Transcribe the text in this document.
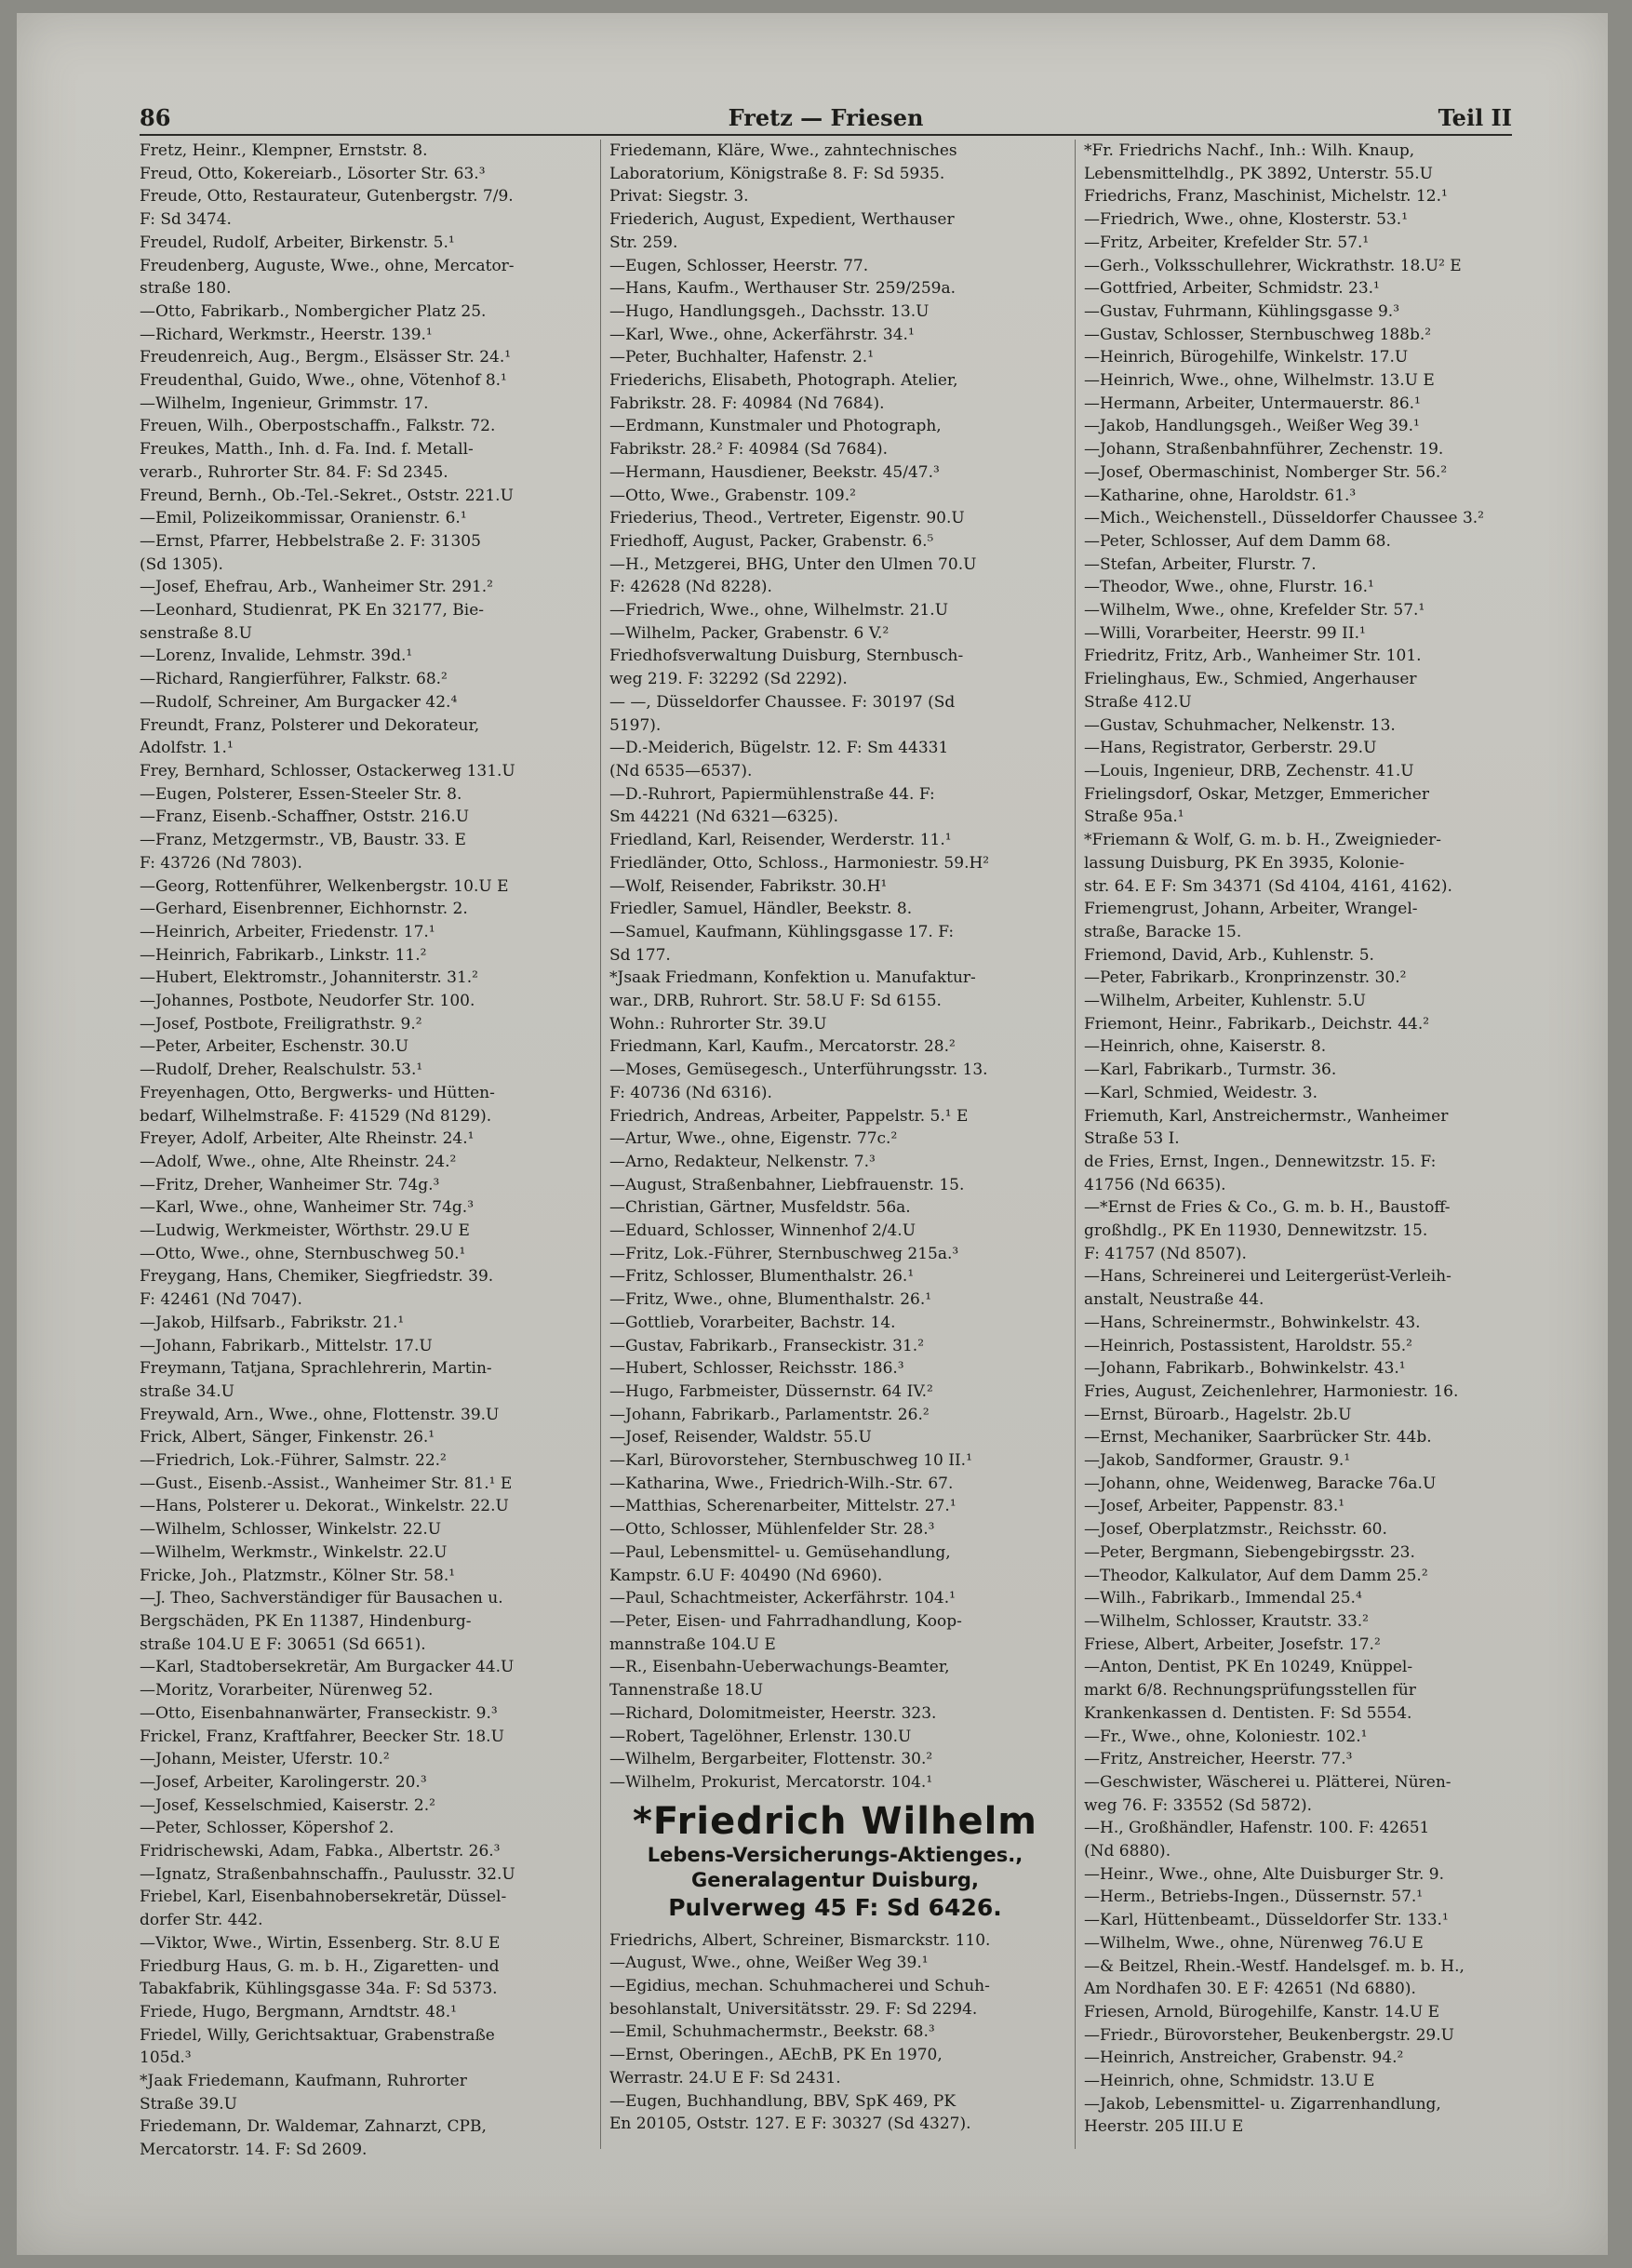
86	Fretz — Friesen	Teil II
Fretz, Heinr., Klempner, Ernststr. 8.
Freud, Otto, Kokereiarb., Lösorter Str. 63.³
Freude, Otto, Restaurateur, Gutenbergstr. 7/9.
F: Sd 3474.
Freudel, Rudolf, Arbeiter, Birkenstr. 5.¹
Freudenberg, Auguste, Wwe., ohne, Mercator-
straße 180.
—Otto, Fabrikarb., Nombergicher Platz 25.
—Richard, Werkmstr., Heerstr. 139.¹
Freudenreich, Aug., Bergm., Elsässer Str. 24.¹
Freudenthal, Guido, Wwe., ohne, Vötenhof 8.¹
—Wilhelm, Ingenieur, Grimmstr. 17.
Freuen, Wilh., Oberpostschaffn., Falkstr. 72.
Freukes, Matth., Inh. d. Fa. Ind. f. Metall-
verarb., Ruhrorter Str. 84. F: Sd 2345.
Freund, Bernh., Ob.-Tel.-Sekret., Oststr. 221.U
—Emil, Polizeikommissar, Oranienstr. 6.¹
—Ernst, Pfarrer, Hebbelstraße 2. F: 31305
(Sd 1305).
—Josef, Ehefrau, Arb., Wanheimer Str. 291.²
—Leonhard, Studienrat, PK En 32177, Bie-
senstraße 8.U
—Lorenz, Invalide, Lehmstr. 39d.¹
—Richard, Rangierführer, Falkstr. 68.²
—Rudolf, Schreiner, Am Burgacker 42.⁴
Freundt, Franz, Polsterer und Dekorateur,
Adolfstr. 1.¹
Frey, Bernhard, Schlosser, Ostackerweg 131.U
—Eugen, Polsterer, Essen-Steeler Str. 8.
—Franz, Eisenb.-Schaffner, Oststr. 216.U
—Franz, Metzgermstr., VB, Baustr. 33. E
F: 43726 (Nd 7803).
—Georg, Rottenführer, Welkenbergstr. 10.U E
—Gerhard, Eisenbrenner, Eichhornstr. 2.
—Heinrich, Arbeiter, Friedenstr. 17.¹
—Heinrich, Fabrikarb., Linkstr. 11.²
—Hubert, Elektromstr., Johanniterstr. 31.²
—Johannes, Postbote, Neudorfer Str. 100.
—Josef, Postbote, Freiligrathstr. 9.²
—Peter, Arbeiter, Eschenstr. 30.U
—Rudolf, Dreher, Realschulstr. 53.¹
Freyenhagen, Otto, Bergwerks- und Hütten-
bedarf, Wilhelmstraße. F: 41529 (Nd 8129).
Freyer, Adolf, Arbeiter, Alte Rheinstr. 24.¹
—Adolf, Wwe., ohne, Alte Rheinstr. 24.²
—Fritz, Dreher, Wanheimer Str. 74g.³
—Karl, Wwe., ohne, Wanheimer Str. 74g.³
—Ludwig, Werkmeister, Wörthstr. 29.U E
—Otto, Wwe., ohne, Sternbuschweg 50.¹
Freygang, Hans, Chemiker, Siegfriedstr. 39.
F: 42461 (Nd 7047).
—Jakob, Hilfsarb., Fabrikstr. 21.¹
—Johann, Fabrikarb., Mittelstr. 17.U
Freymann, Tatjana, Sprachlehrerin, Martin-
straße 34.U
Freywald, Arn., Wwe., ohne, Flottenstr. 39.U
Frick, Albert, Sänger, Finkenstr. 26.¹
—Friedrich, Lok.-Führer, Salmstr. 22.²
—Gust., Eisenb.-Assist., Wanheimer Str. 81.¹ E
—Hans, Polsterer u. Dekorat., Winkelstr. 22.U
—Wilhelm, Schlosser, Winkelstr. 22.U
—Wilhelm, Werkmstr., Winkelstr. 22.U
Fricke, Joh., Platzmstr., Kölner Str. 58.¹
—J. Theo, Sachverständiger für Bausachen u.
Bergschäden, PK En 11387, Hindenburg-
straße 104.U E F: 30651 (Sd 6651).
—Karl, Stadtobersekretär, Am Burgacker 44.U
—Moritz, Vorarbeiter, Nürenweg 52.
—Otto, Eisenbahnanwärter, Franseckistr. 9.³
Frickel, Franz, Kraftfahrer, Beecker Str. 18.U
—Johann, Meister, Uferstr. 10.²
—Josef, Arbeiter, Karolingerstr. 20.³
—Josef, Kesselschmied, Kaiserstr. 2.²
—Peter, Schlosser, Köpershof 2.
Fridrischewski, Adam, Fabka., Albertstr. 26.³
—Ignatz, Straßenbahnschaffn., Paulusstr. 32.U
Friebel, Karl, Eisenbahnobersekretär, Düssel-
dorfer Str. 442.
—Viktor, Wwe., Wirtin, Essenberg. Str. 8.U E
Friedburg Haus, G. m. b. H., Zigaretten- und
Tabakfabrik, Kühlingsgasse 34a. F: Sd 5373.
Friede, Hugo, Bergmann, Arndtstr. 48.¹
Friedel, Willy, Gerichtsaktuar, Grabenstraße
105d.³
*Jaak Friedemann, Kaufmann, Ruhrorter
Straße 39.U
Friedemann, Dr. Waldemar, Zahnarzt, CPB,
Mercatorstr. 14. F: Sd 2609.
Friedemann, Kläre, Wwe., zahntechnisches
Laboratorium, Königstraße 8. F: Sd 5935.
Privat: Siegstr. 3.
Friederich, August, Expedient, Werthauser
Str. 259.
—Eugen, Schlosser, Heerstr. 77.
—Hans, Kaufm., Werthauser Str. 259/259a.
—Hugo, Handlungsgeh., Dachsstr. 13.U
—Karl, Wwe., ohne, Ackerfährstr. 34.¹
—Peter, Buchhalter, Hafenstr. 2.¹
Friederichs, Elisabeth, Photograph. Atelier,
Fabrikstr. 28. F: 40984 (Nd 7684).
—Erdmann, Kunstmaler und Photograph,
Fabrikstr. 28.² F: 40984 (Sd 7684).
—Hermann, Hausdiener, Beekstr. 45/47.³
—Otto, Wwe., Grabenstr. 109.²
Friederius, Theod., Vertreter, Eigenstr. 90.U
Friedhoff, August, Packer, Grabenstr. 6.⁵
—H., Metzgerei, BHG, Unter den Ulmen 70.U
F: 42628 (Nd 8228).
—Friedrich, Wwe., ohne, Wilhelmstr. 21.U
—Wilhelm, Packer, Grabenstr. 6 V.²
Friedhofsverwaltung Duisburg, Sternbusch-
weg 219. F: 32292 (Sd 2292).
— —, Düsseldorfer Chaussee. F: 30197 (Sd
5197).
—D.-Meiderich, Bügelstr. 12. F: Sm 44331
(Nd 6535—6537).
—D.-Ruhrort, Papiermühlenstraße 44. F:
Sm 44221 (Nd 6321—6325).
Friedland, Karl, Reisender, Werderstr. 11.¹
Friedländer, Otto, Schloss., Harmoniestr. 59.H²
—Wolf, Reisender, Fabrikstr. 30.H¹
Friedler, Samuel, Händler, Beekstr. 8.
—Samuel, Kaufmann, Kühlingsgasse 17. F:
Sd 177.
*Jsaak Friedmann, Konfektion u. Manufaktur-
war., DRB, Ruhrort. Str. 58.U F: Sd 6155.
Wohn.: Ruhrorter Str. 39.U
Friedmann, Karl, Kaufm., Mercatorstr. 28.²
—Moses, Gemüsegesch., Unterführungsstr. 13.
F: 40736 (Nd 6316).
Friedrich, Andreas, Arbeiter, Pappelstr. 5.¹ E
—Artur, Wwe., ohne, Eigenstr. 77c.²
—Arno, Redakteur, Nelkenstr. 7.³
—August, Straßenbahner, Liebfrauenstr. 15.
—Christian, Gärtner, Musfeldstr. 56a.
—Eduard, Schlosser, Winnenhof 2/4.U
—Fritz, Lok.-Führer, Sternbuschweg 215a.³
—Fritz, Schlosser, Blumenthalstr. 26.¹
—Fritz, Wwe., ohne, Blumenthalstr. 26.¹
—Gottlieb, Vorarbeiter, Bachstr. 14.
—Gustav, Fabrikarb., Franseckistr. 31.²
—Hubert, Schlosser, Reichsstr. 186.³
—Hugo, Farbmeister, Düssernstr. 64 IV.²
—Johann, Fabrikarb., Parlamentstr. 26.²
—Josef, Reisender, Waldstr. 55.U
—Karl, Bürovorsteher, Sternbuschweg 10 II.¹
—Katharina, Wwe., Friedrich-Wilh.-Str. 67.
—Matthias, Scherenarbeiter, Mittelstr. 27.¹
—Otto, Schlosser, Mühlenfelder Str. 28.³
—Paul, Lebensmittel- u. Gemüsehandlung,
Kampstr. 6.U F: 40490 (Nd 6960).
—Paul, Schachtmeister, Ackerfährstr. 104.¹
—Peter, Eisen- und Fahrradhandlung, Koop-
mannstraße 104.U E
—R., Eisenbahn-Ueberwachungs-Beamter,
Tannenstraße 18.U
—Richard, Dolomitmeister, Heerstr. 323.
—Robert, Tagelöhner, Erlenstr. 130.U
—Wilhelm, Bergarbeiter, Flottenstr. 30.²
—Wilhelm, Prokurist, Mercatorstr. 104.¹
*Friedrich Wilhelm
Lebens-Versicherungs-Aktienges.,
Generalagentur Duisburg,
Pulverweg 45 F: Sd 6426.
Friedrichs, Albert, Schreiner, Bismarckstr. 110.
—August, Wwe., ohne, Weißer Weg 39.¹
—Egidius, mechan. Schuhmacherei und Schuh-
besohlanstalt, Universitätsstr. 29. F: Sd 2294.
—Emil, Schuhmachermstr., Beekstr. 68.³
—Ernst, Oberingen., AEchB, PK En 1970,
Werrastr. 24.U E F: Sd 2431.
—Eugen, Buchhandlung, BBV, SpK 469, PK
En 20105, Oststr. 127. E F: 30327 (Sd 4327).
*Fr. Friedrichs Nachf., Inh.: Wilh. Knaup,
Lebensmittelhdlg., PK 3892, Unterstr. 55.U
Friedrichs, Franz, Maschinist, Michelstr. 12.¹
—Friedrich, Wwe., ohne, Klosterstr. 53.¹
—Fritz, Arbeiter, Krefelder Str. 57.¹
—Gerh., Volksschullehrer, Wickrathstr. 18.U² E
—Gottfried, Arbeiter, Schmidstr. 23.¹
—Gustav, Fuhrmann, Kühlingsgasse 9.³
—Gustav, Schlosser, Sternbuschweg 188b.²
—Heinrich, Bürogehilfe, Winkelstr. 17.U
—Heinrich, Wwe., ohne, Wilhelmstr. 13.U E
—Hermann, Arbeiter, Untermauerstr. 86.¹
—Jakob, Handlungsgeh., Weißer Weg 39.¹
—Johann, Straßenbahnführer, Zechenstr. 19.
—Josef, Obermaschinist, Nomberger Str. 56.²
—Katharine, ohne, Haroldstr. 61.³
—Mich., Weichenstell., Düsseldorfer Chaussee 3.²
—Peter, Schlosser, Auf dem Damm 68.
—Stefan, Arbeiter, Flurstr. 7.
—Theodor, Wwe., ohne, Flurstr. 16.¹
—Wilhelm, Wwe., ohne, Krefelder Str. 57.¹
—Willi, Vorarbeiter, Heerstr. 99 II.¹
Friedritz, Fritz, Arb., Wanheimer Str. 101.
Frielinghaus, Ew., Schmied, Angerhauser
Straße 412.U
—Gustav, Schuhmacher, Nelkenstr. 13.
—Hans, Registrator, Gerberstr. 29.U
—Louis, Ingenieur, DRB, Zechenstr. 41.U
Frielingsdorf, Oskar, Metzger, Emmericher
Straße 95a.¹
*Friemann & Wolf, G. m. b. H., Zweignieder-
lassung Duisburg, PK En 3935, Kolonie-
str. 64. E F: Sm 34371 (Sd 4104, 4161, 4162).
Friemengrust, Johann, Arbeiter, Wrangel-
straße, Baracke 15.
Friemond, David, Arb., Kuhlenstr. 5.
—Peter, Fabrikarb., Kronprinzenstr. 30.²
—Wilhelm, Arbeiter, Kuhlenstr. 5.U
Friemont, Heinr., Fabrikarb., Deichstr. 44.²
—Heinrich, ohne, Kaiserstr. 8.
—Karl, Fabrikarb., Turmstr. 36.
—Karl, Schmied, Weidestr. 3.
Friemuth, Karl, Anstreichermstr., Wanheimer
Straße 53 I.
de Fries, Ernst, Ingen., Dennewitzstr. 15. F:
41756 (Nd 6635).
—*Ernst de Fries & Co., G. m. b. H., Baustoff-
großhdlg., PK En 11930, Dennewitzstr. 15.
F: 41757 (Nd 8507).
—Hans, Schreinerei und Leitergerüst-Verleih-
anstalt, Neustraße 44.
—Hans, Schreinermstr., Bohwinkelstr. 43.
—Heinrich, Postassistent, Haroldstr. 55.²
—Johann, Fabrikarb., Bohwinkelstr. 43.¹
Fries, August, Zeichenlehrer, Harmoniestr. 16.
—Ernst, Büroarb., Hagelstr. 2b.U
—Ernst, Mechaniker, Saarbrücker Str. 44b.
—Jakob, Sandformer, Graustr. 9.¹
—Johann, ohne, Weidenweg, Baracke 76a.U
—Josef, Arbeiter, Pappenstr. 83.¹
—Josef, Oberplatzmstr., Reichsstr. 60.
—Peter, Bergmann, Siebengebirgsstr. 23.
—Theodor, Kalkulator, Auf dem Damm 25.²
—Wilh., Fabrikarb., Immendal 25.⁴
—Wilhelm, Schlosser, Krautstr. 33.²
Friese, Albert, Arbeiter, Josefstr. 17.²
—Anton, Dentist, PK En 10249, Knüppel-
markt 6/8. Rechnungsprüfungsstellen für
Krankenkassen d. Dentisten. F: Sd 5554.
—Fr., Wwe., ohne, Koloniestr. 102.¹
—Fritz, Anstreicher, Heerstr. 77.³
—Geschwister, Wäscherei u. Plätterei, Nüren-
weg 76. F: 33552 (Sd 5872).
—H., Großhändler, Hafenstr. 100. F: 42651
(Nd 6880).
—Heinr., Wwe., ohne, Alte Duisburger Str. 9.
—Herm., Betriebs-Ingen., Düssernstr. 57.¹
—Karl, Hüttenbeamt., Düsseldorfer Str. 133.¹
—Wilhelm, Wwe., ohne, Nürenweg 76.U E
—& Beitzel, Rhein.-Westf. Handelsgef. m. b. H.,
Am Nordhafen 30. E F: 42651 (Nd 6880).
Friesen, Arnold, Bürogehilfe, Kanstr. 14.U E
—Friedr., Bürovorsteher, Beukenbergstr. 29.U
—Heinrich, Anstreicher, Grabenstr. 94.²
—Heinrich, ohne, Schmidstr. 13.U E
—Jakob, Lebensmittel- u. Zigarrenhandlung,
Heerstr. 205 III.U E
